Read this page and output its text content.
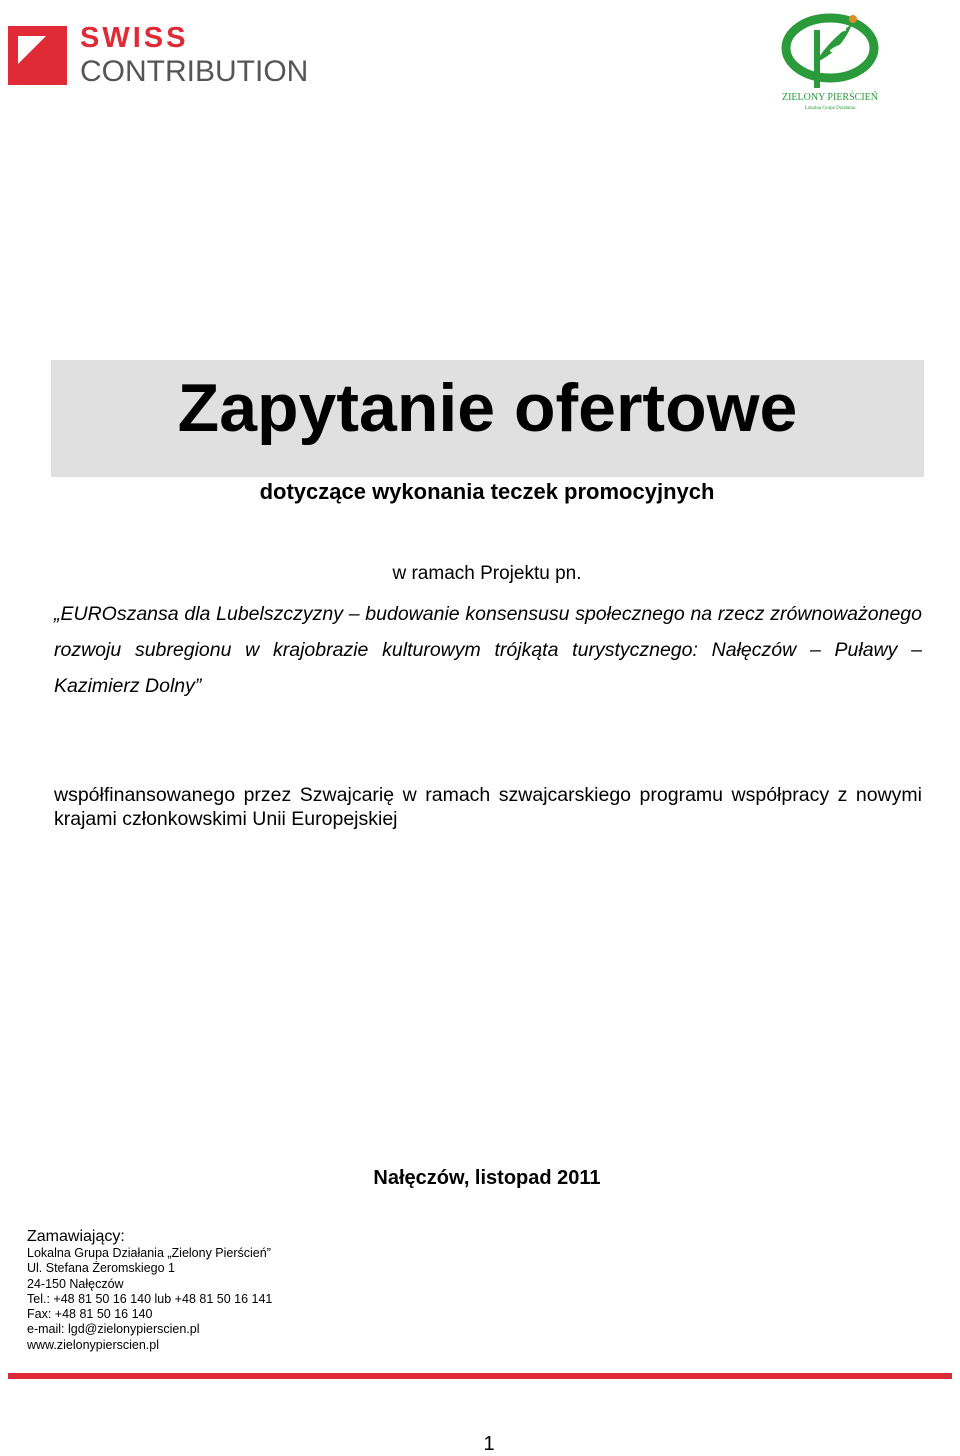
SWISS
CONTRIBUTION
ZIELONY PIERŚCIEŃ
Lokalna Grupa Działania
Zapytanie ofertowe
dotyczące wykonania teczek promocyjnych
w ramach Projektu pn.
„EUROszansa dla Lubelszczyzny – budowanie konsensusu społecznego na rzecz zrównoważonego rozwoju subregionu w krajobrazie kulturowym trójkąta turystycznego: Nałęczów – Puławy – Kazimierz Dolny”
współfinansowanego przez Szwajcarię w ramach szwajcarskiego programu współpracy z nowymi krajami członkowskimi Unii Europejskiej
Nałęczów, listopad 2011
Zamawiający:
Lokalna Grupa Działania „Zielony Pierścień”
Ul. Stefana Żeromskiego 1
24-150 Nałęczów
Tel.: +48 81 50 16 140 lub +48 81 50 16 141
Fax: +48 81 50 16 140
e-mail: lgd@zielonypierscien.pl
www.zielonypierscien.pl
1
